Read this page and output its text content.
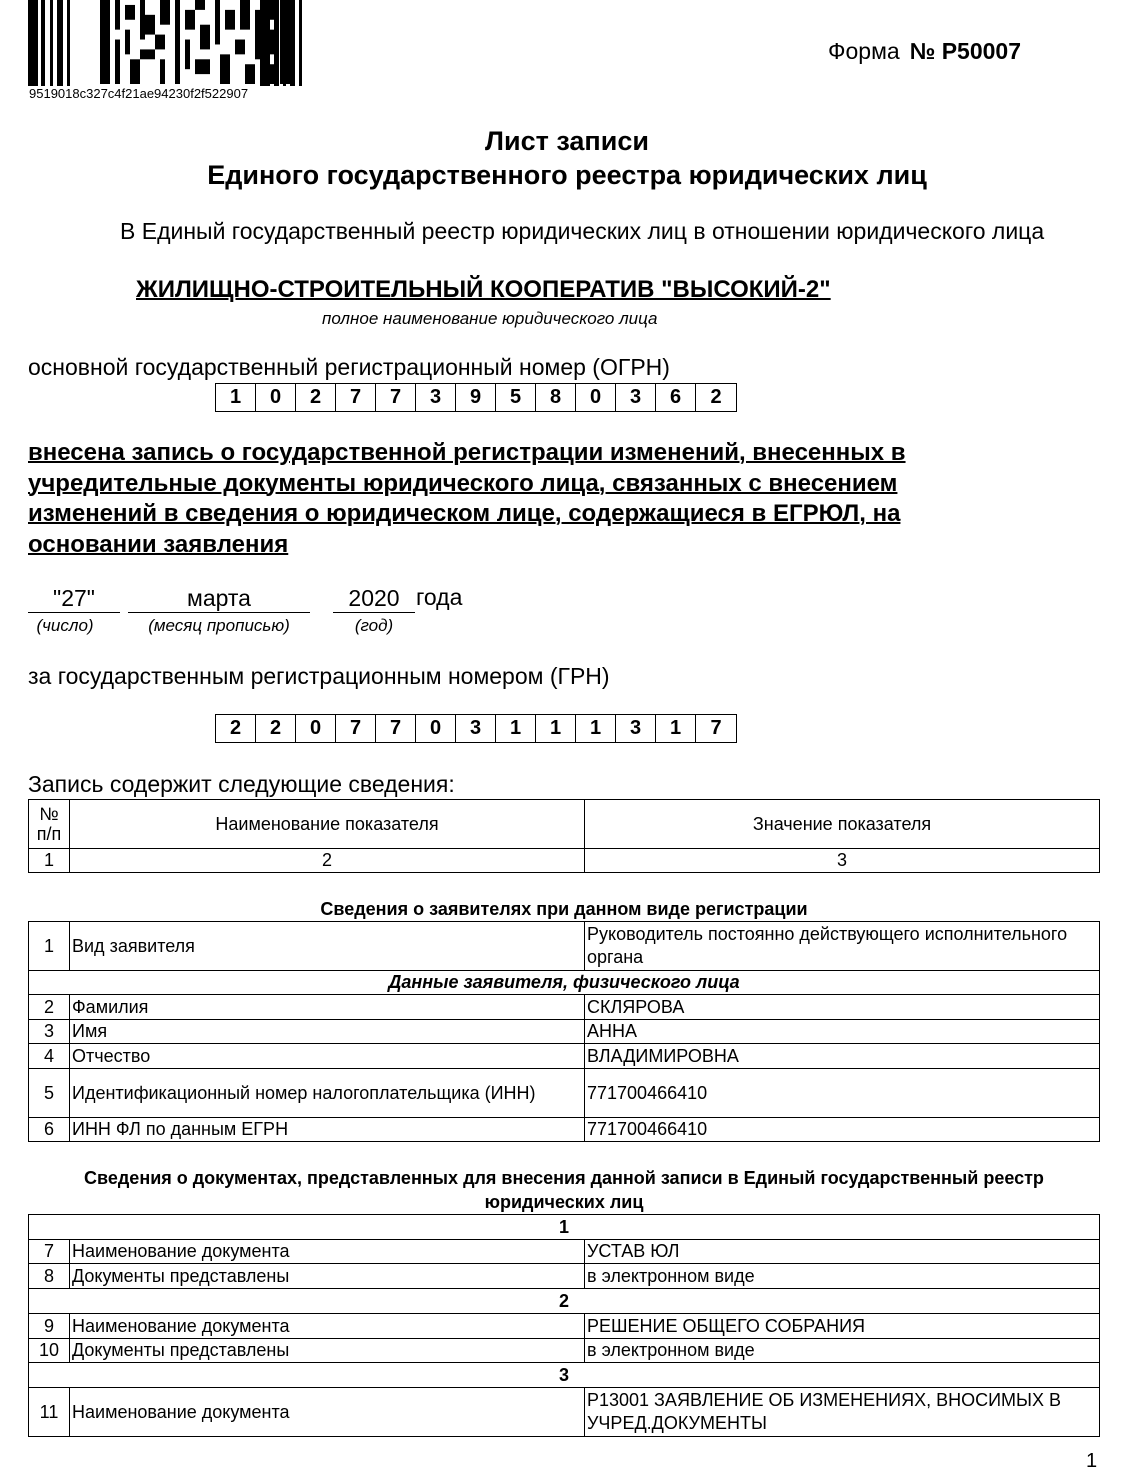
9519018c327c4f21ae94230f2f522907
Форма № Р50007
Лист записи
Единого государственного реестра юридических лиц
В Единый государственный реестр юридических лиц в отношении юридического лица
ЖИЛИЩНО-СТРОИТЕЛЬНЫЙ КООПЕРАТИВ "ВЫСОКИЙ-2"
полное наименование юридического лица
основной государственный регистрационный номер (ОГРН)
1	0	2	7	7	3	9	5	8	0	3	6	2
внесена запись о государственной регистрации изменений, внесенных в учредительные документы юридического лица, связанных с внесением изменений в сведения о юридическом лице, содержащиеся в ЕГРЮЛ, на основании заявления
"27"	марта	2020 года
(число)	(месяц прописью)	(год)
за государственным регистрационным номером (ГРН)
2	2	0	7	7	0	3	1	1	1	3	1	7
Запись содержит следующие сведения:
№ п/п	Наименование показателя	Значение показателя
1	2	3
Сведения о заявителях при данном виде регистрации
1	Вид заявителя	Руководитель постоянно действующего исполнительного органа
Данные заявителя, физического лица		
2	Фамилия	СКЛЯРОВА
3	Имя	АННА
4	Отчество	ВЛАДИМИРОВНА
5	Идентификационный номер налогоплательщика (ИНН)	771700466410
6	ИНН ФЛ по данным ЕГРН	771700466410
Сведения о документах, представленных для внесения данной записи в Единый государственный реестр юридических лиц
1		
7	Наименование документа	УСТАВ ЮЛ
8	Документы представлены	в электронном виде
2		
9	Наименование документа	РЕШЕНИЕ ОБЩЕГО СОБРАНИЯ
10	Документы представлены	в электронном виде
3		
11	Наименование документа	Р13001 ЗАЯВЛЕНИЕ ОБ ИЗМЕНЕНИЯХ, ВНОСИМЫХ В УЧРЕД.ДОКУМЕНТЫ
1
